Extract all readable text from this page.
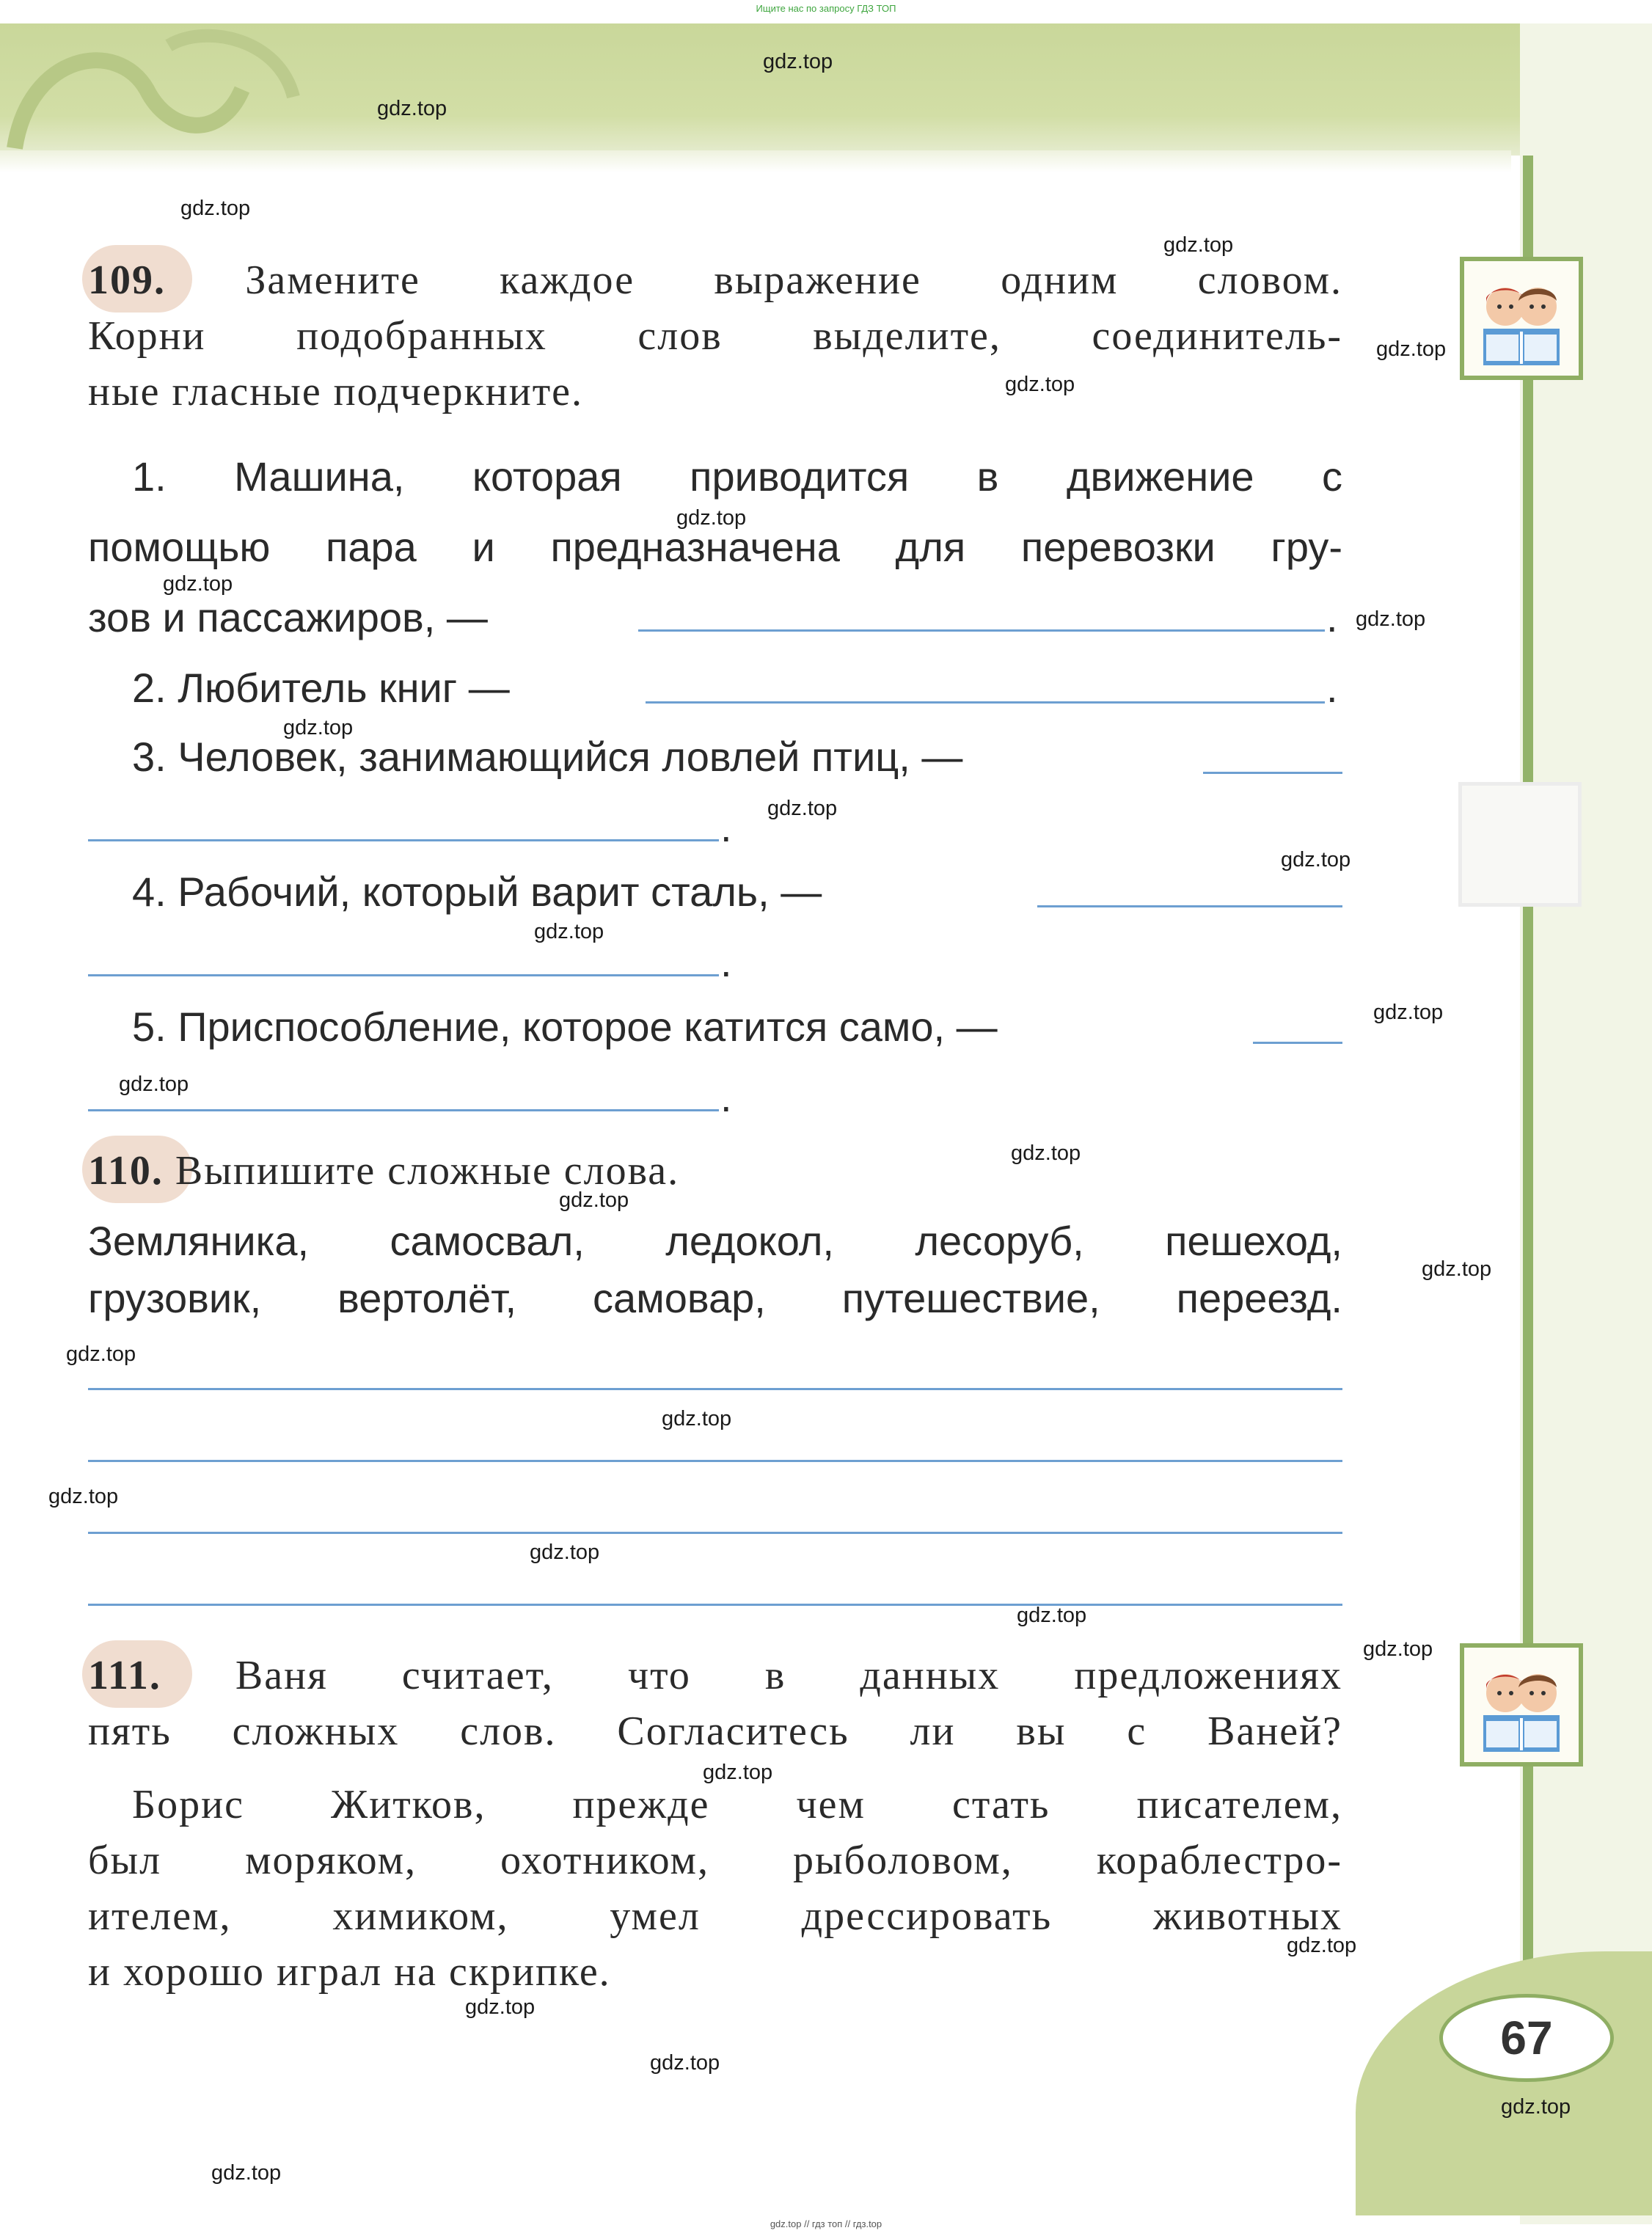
Ищите нас по запросу ГДЗ ТОП
67
109. Замените каждое выражение одним словом.
Корни подобранных слов выделите, соединитель-
ные гласные подчеркните.
1. Машина, которая приводится в движение с
помощью пара и предназначена для перевозки гру-
зов и пассажиров, —	.
2. Любитель книг —	.
3. Человек, занимающийся ловлей птиц, —
.
4. Рабочий, который варит сталь, —
.
5. Приспособление, которое катится само, —
.
110. Выпишите сложные слова.
Земляника, самосвал, ледокол, лесоруб, пешеход,
грузовик, вертолёт, самовар, путешествие, переезд.
111. Ваня считает, что в данных предложениях
пять сложных слов. Согласитесь ли вы с Ваней?
Борис Житков, прежде чем стать писателем,
был моряком, охотником, рыболовом, кораблестро-
ителем, химиком, умел дрессировать животных
и хорошо играл на скрипке.
gdz.top
gdz.top
gdz.top
gdz.top
gdz.top
gdz.top
gdz.top
gdz.top
gdz.top
gdz.top
gdz.top
gdz.top
gdz.top
gdz.top
gdz.top
gdz.top
gdz.top
gdz.top
gdz.top
gdz.top
gdz.top
gdz.top
gdz.top
gdz.top
gdz.top
gdz.top
gdz.top
gdz.top
gdz.top
gdz.top
gdz.top // гдз топ // гдз.top
